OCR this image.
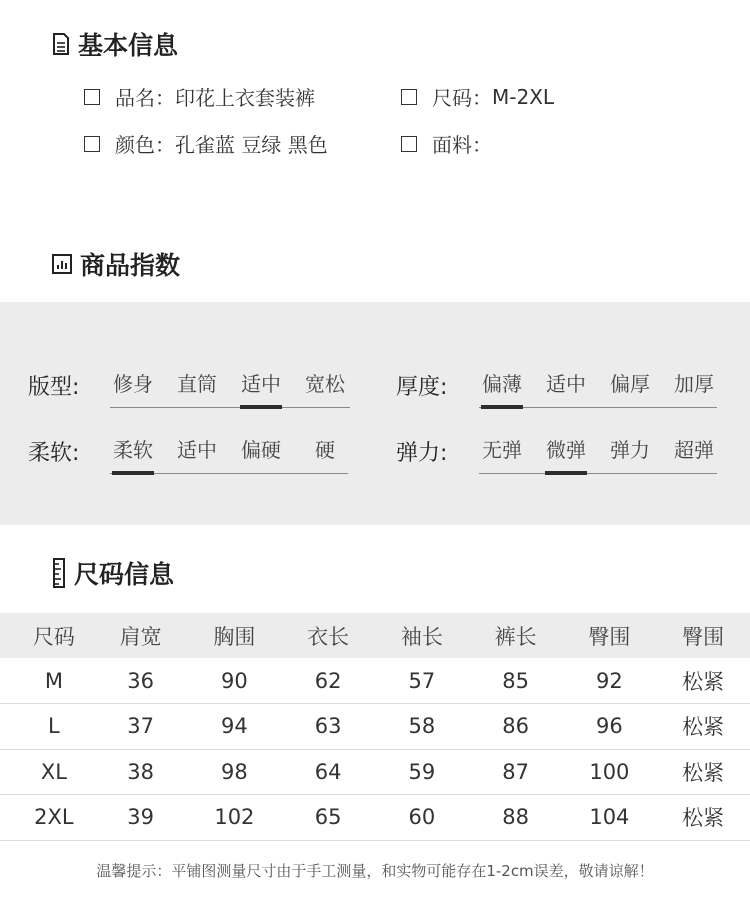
基本信息
品名： 印花上衣套装裤	尺码： M-2XL
颜色： 孔雀蓝 豆绿 黑色	面料：
商品指数
版型: 修身 直筒 适中 宽松 厚度: 偏薄 适中 偏厚 加厚
柔软: 柔软 适中 偏硬	硬	弹力: 无弹 微弹 弹力 超弹
尺码信息
尺码	肩宽	胸围	衣长	袖长	裤长	臀围	臀围
M	36	90	62	57	85	92	松紧
L	37	94	63	58	86	96	松紧
XL	38	98	64	59	87	100	松紧
2XL	39	102	65	60	88	104	松紧
温馨提示：平铺图测量尺寸由于手工测量，和实物可能存在1-2cm误差，敬请谅解！
